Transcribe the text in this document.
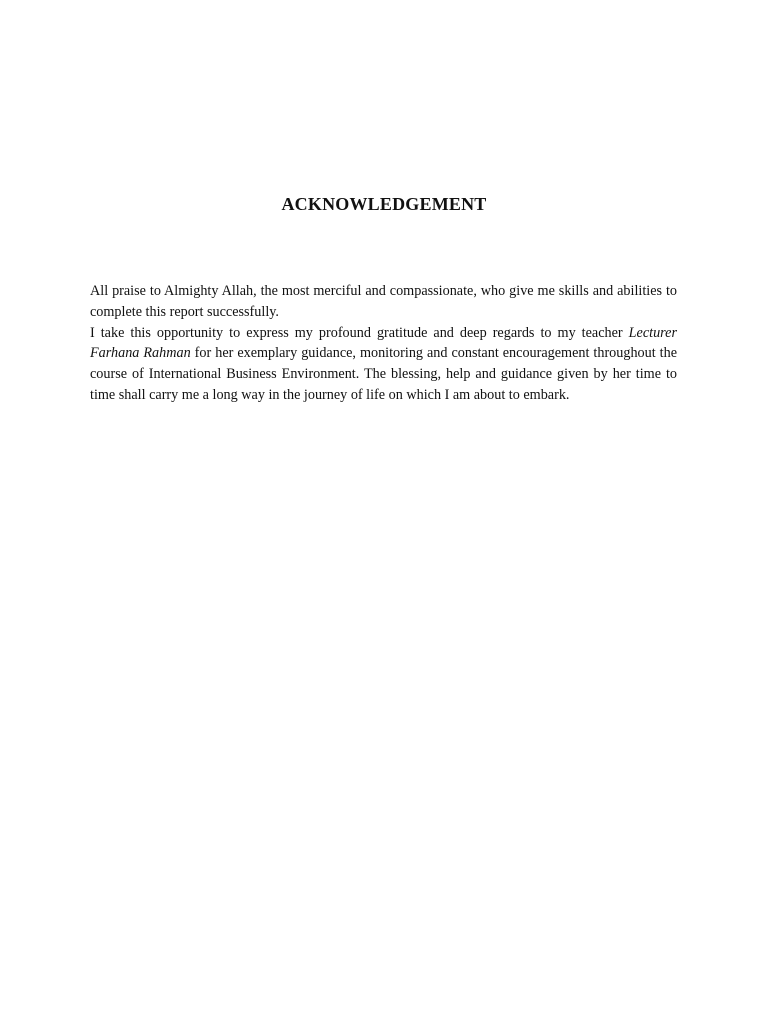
ACKNOWLEDGEMENT

All praise to Almighty Allah, the most merciful and compassionate, who give me skills and abilities to complete this report successfully.

I take this opportunity to express my profound gratitude and deep regards to my teacher Lecturer Farhana Rahman for her exemplary guidance, monitoring and constant encouragement throughout the course of International Business Environment. The blessing, help and guidance given by her time to time shall carry me a long way in the journey of life on which I am about to embark.
